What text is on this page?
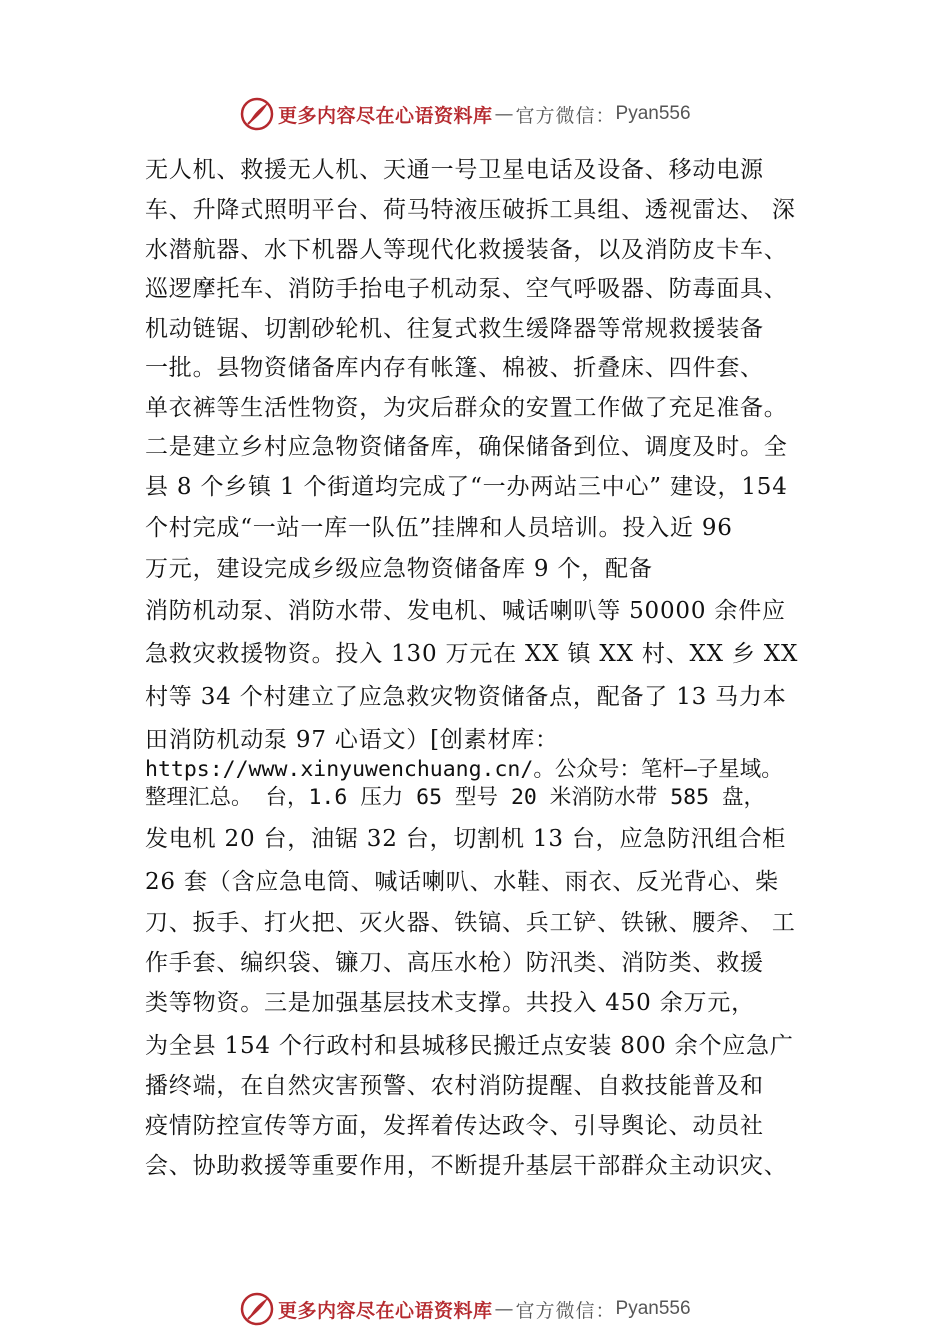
更多内容尽在心语资料库 — 官方微信： Pyan556
无人机、救援无人机、天通一号卫星电话及设备、移动电源
车、升降式照明平台、荷马特液压破拆工具组、透视雷达、 深
水潜航器、水下机器人等现代化救援装备，以及消防皮卡车、
巡逻摩托车、消防手抬电子机动泵、空气呼吸器、防毒面具、
机动链锯、切割砂轮机、往复式救生缓降器等常规救援装备
一批。县物资储备库内存有帐篷、棉被、折叠床、四件套、
单衣裤等生活性物资，为灾后群众的安置工作做了充足准备。
二是建立乡村应急物资储备库，确保储备到位、调度及时。全
县 8 个乡镇 1 个街道均完成了“一办两站三中心” 建设，154
个村完成“一站一库一队伍”挂牌和人员培训。投入近 96
万元，建设完成乡级应急物资储备库 9 个，配备
消防机动泵、消防水带、发电机、喊话喇叭等 50000 余件应
急救灾救援物资。投入 130 万元在 XX 镇 XX 村、XX 乡 XX
村等 34 个村建立了应急救灾物资储备点，配备了 13 马力本
田消防机动泵 97 心语文）[创素材库：
https://www.xinyuwenchuang.cn/。公众号：笔杆—子星域。
整理汇总。 台，1.6 压力 65 型号 20 米消防水带 585 盘，
发电机 20 台，油锯 32 台，切割机 13 台，应急防汛组合柜
26 套（含应急电筒、喊话喇叭、水鞋、雨衣、反光背心、柴
刀、扳手、打火把、灭火器、铁镐、兵工铲、铁锹、腰斧、 工
作手套、编织袋、镰刀、高压水枪）防汛类、消防类、救援
类等物资。三是加强基层技术支撑。共投入 450 余万元，
为全县 154 个行政村和县城移民搬迁点安装 800 余个应急广
播终端，在自然灾害预警、农村消防提醒、自救技能普及和
疫情防控宣传等方面，发挥着传达政令、引导舆论、动员社
会、协助救援等重要作用，不断提升基层干部群众主动识灾、
更多内容尽在心语资料库 — 官方微信： Pyan556
